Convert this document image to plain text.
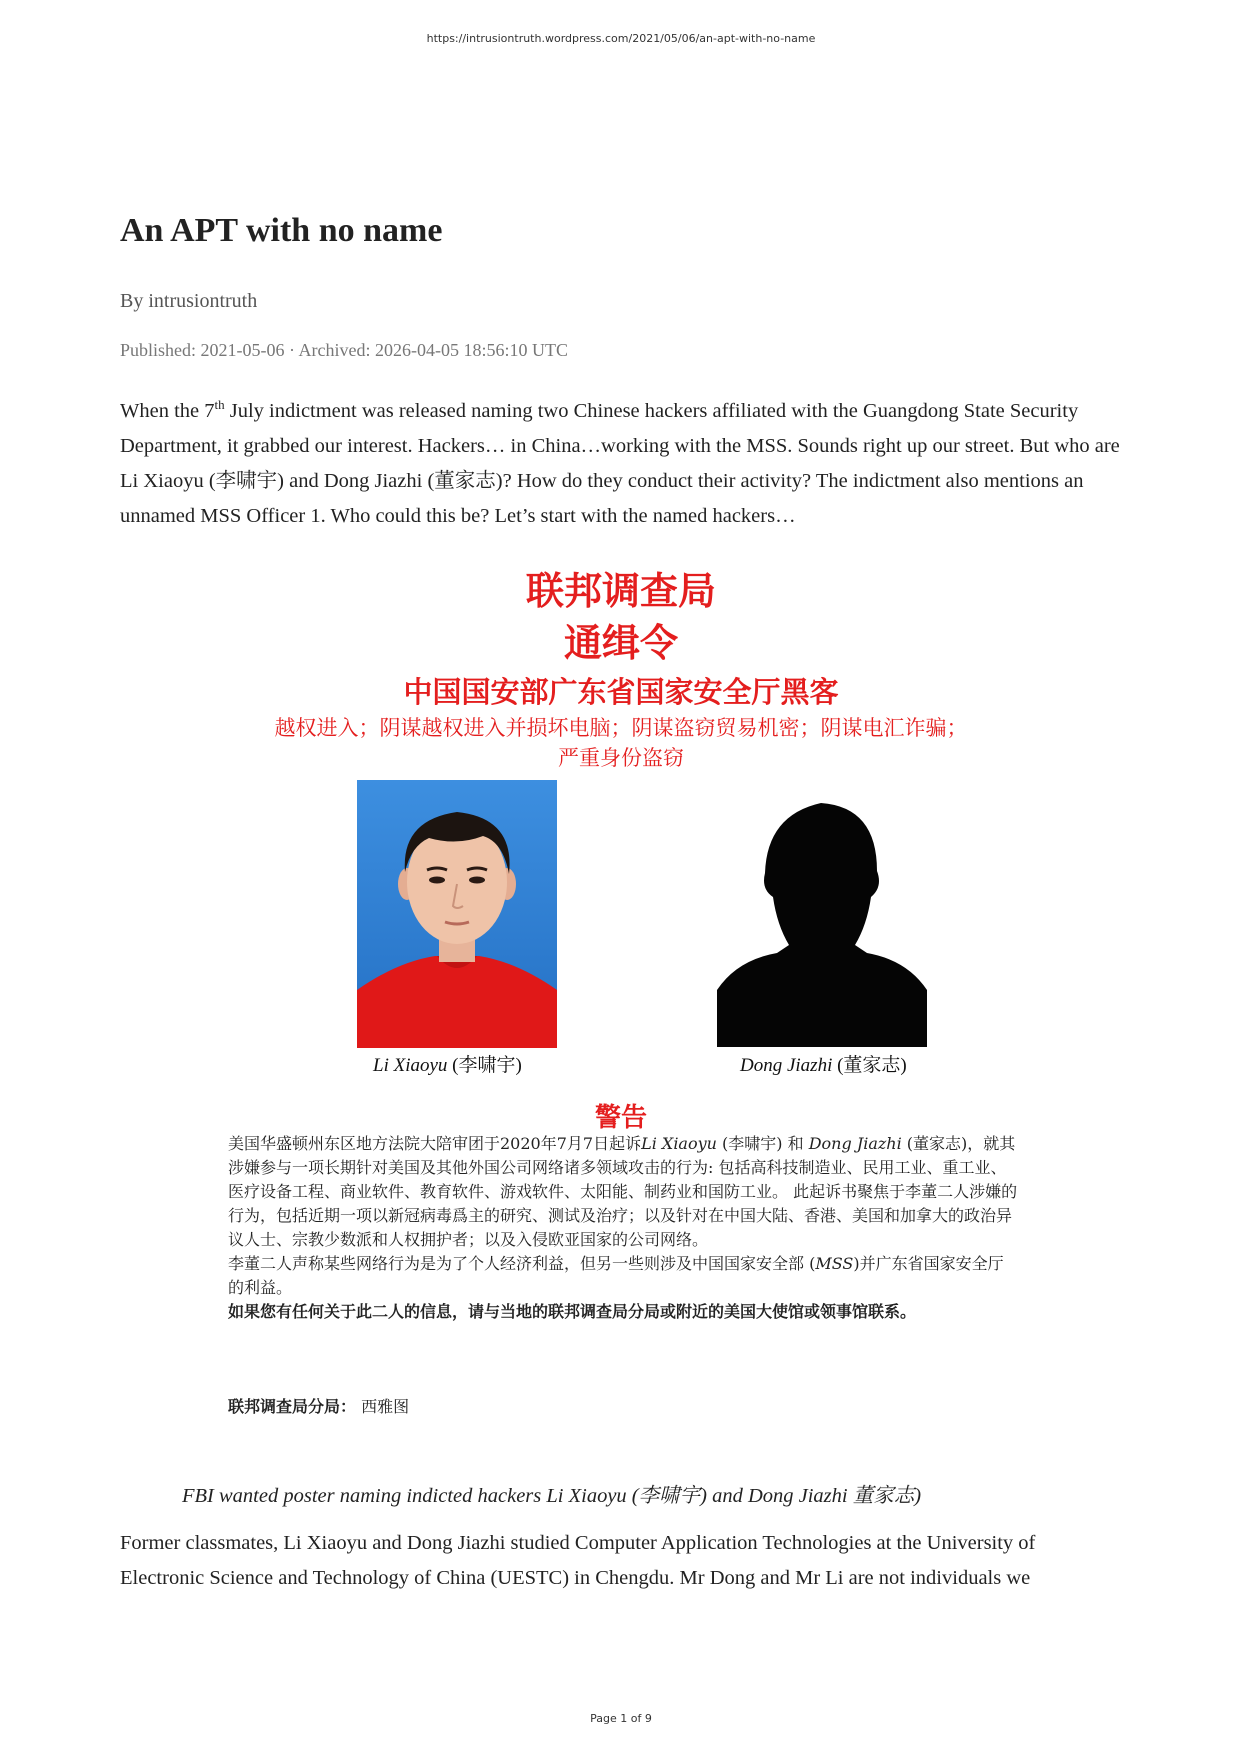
https://intrusiontruth.wordpress.com/2021/05/06/an-apt-with-no-name
An APT with no name
By intrusiontruth
Published: 2021-05-06 · Archived: 2026-04-05 18:56:10 UTC

When the 7th July indictment was released naming two Chinese hackers affiliated with the Guangdong State Security Department, it grabbed our interest. Hackers… in China…working with the MSS. Sounds right up our street. But who are Li Xiaoyu (李啸宇) and Dong Jiazhi (董家志)? How do they conduct their activity? The indictment also mentions an unnamed MSS Officer 1. Who could this be? Let’s start with the named hackers…

联邦调查局
通缉令
中国国安部广东省国家安全厅黑客
越权进入；阴谋越权进入并损坏电脑；阴谋盗窃贸易机密；阴谋电汇诈骗；
严重身份盗窃
Li Xiaoyu (李啸宇)	Dong Jiazhi (董家志)
警告
美国华盛顿州东区地方法院大陪审团于2020年7月7日起诉Li Xiaoyu (李啸宇) 和 Dong Jiazhi (董家志)，就其涉嫌参与一项长期针对美国及其他外国公司网络诸多领域攻击的行为: 包括高科技制造业、民用工业、重工业、医疗设备工程、商业软件、教育软件、游戏软件、太阳能、制药业和国防工业。 此起诉书聚焦于李董二人涉嫌的行为，包括近期一项以新冠病毒爲主的研究、测试及治疗；以及针对在中国大陆、香港、美国和加拿大的政治异议人士、宗教少数派和人权拥护者；以及入侵欧亚国家的公司网络。
李董二人声称某些网络行为是为了个人经济利益，但另一些则涉及中国国家安全部 (MSS)并广东省国家安全厅的利益。
如果您有任何关于此二人的信息，请与当地的联邦调查局分局或附近的美国大使馆或领事馆联系。
联邦调查局分局： 西雅图
FBI wanted poster naming indicted hackers Li Xiaoyu (李啸宇) and Dong Jiazhi 董家志)

Former classmates, Li Xiaoyu and Dong Jiazhi studied Computer Application Technologies at the University of Electronic Science and Technology of China (UESTC) in Chengdu. Mr Dong and Mr Li are not individuals we

Page 1 of 9
